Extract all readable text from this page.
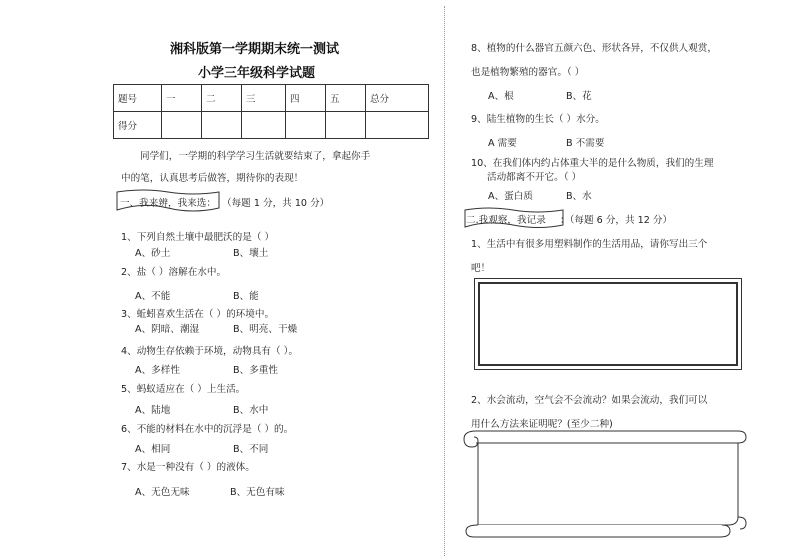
湘科版第一学期期末统一测试
小学三年级科学试题
题号	一	二	三	四	五	总分
得分						
同学们，一学期的科学学习生活就要结束了，拿起你手
中的笔，认真思考后做答，期待你的表现！
一、我来辨，我来选： （每题 1 分，共 10 分）
1、下列自然土壤中最肥沃的是（ ）
A、砂土	B、壤土
2、盐（ ）溶解在水中。
A、不能	B、能
3、蚯蚓喜欢生活在（ ）的环境中。
A、阴暗、潮湿	B、明亮、干燥
4、动物生存依赖于环境，动物具有（ ）。
A、多样性	B、多重性
5、蚂蚁适应在（ ）上生活。
A、陆地	B、水中
6、不能的材料在水中的沉浮是（ ）的。
A、相同	B、不同
7、水是一种没有（ ）的液体。
A、无色无味	B、无色有味
8、植物的什么器官五颜六色、形状各异，不仅供人观赏，
也是植物繁殖的器官。（ ）
A、根	B、花
9、陆生植物的生长（ ）水分。
A 需要	B 不需要
10、在我们体内约占体重大半的是什么物质，我们的生理
活动都离不开它。（ ）
A、蛋白质	B、水
二.我观察，我记录 ：（每题 6 分，共 12 分）
1、生活中有很多用塑料制作的生活用品，请你写出三个
吧！
2、水会流动，空气会不会流动？如果会流动，我们可以
用什么方法来证明呢？(至少二种)
